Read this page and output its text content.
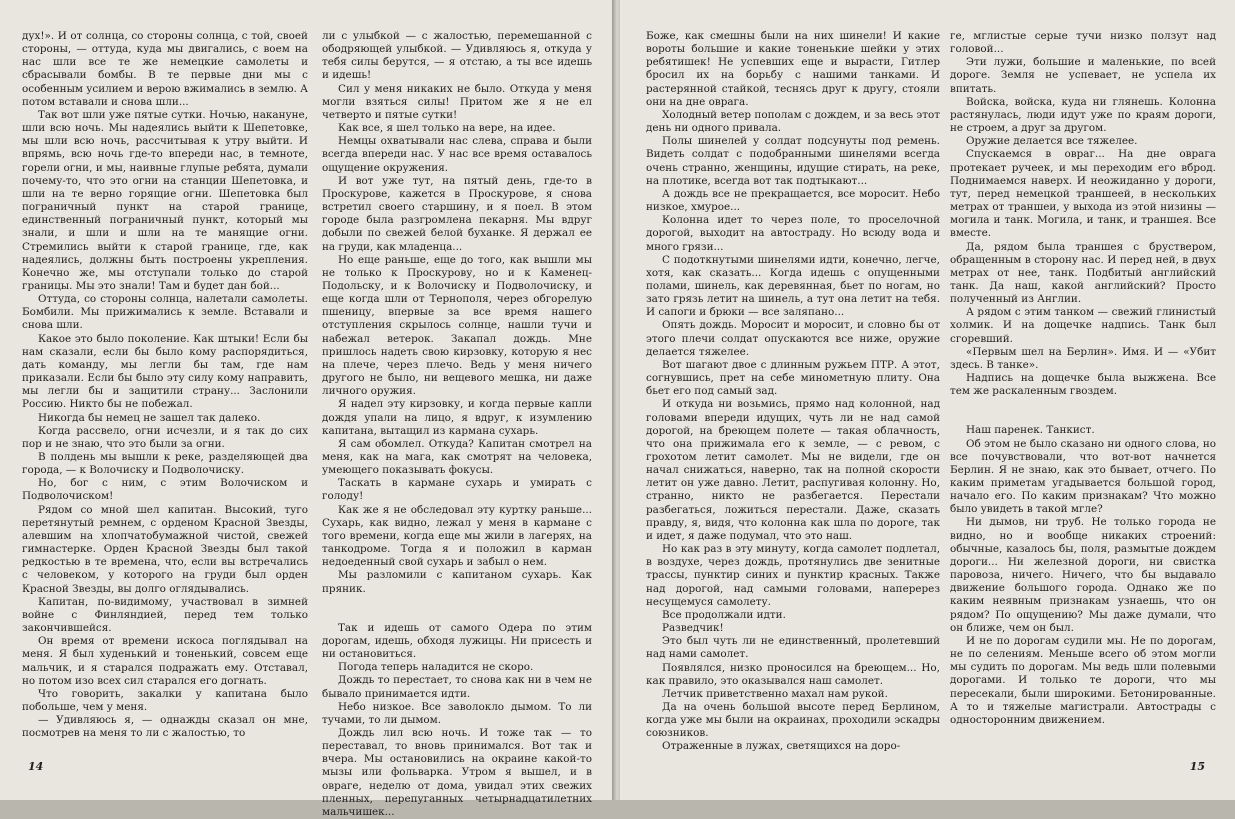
дух!». И от солнца, со стороны солнца, с той, своей стороны, — оттуда, куда мы двигались, с воем на нас шли все те же немецкие самолеты и сбрасывали бомбы. В те первые дни мы с особенным усилием и верою вжимались в землю. А потом вставали и снова шли...

Так вот шли уже пятые сутки. Ночью, накануне, шли всю ночь. Мы надеялись выйти к Шепетовке, мы шли всю ночь, рассчитывая к утру выйти. И впрямь, всю ночь где-то впереди нас, в темноте, горели огни, и мы, наивные глупые ребята, думали почему-то, что это огни на станции Шепетовка, и шли на те верно горящие огни. Шепетовка был пограничный пункт на старой границе, единственный пограничный пункт, который мы знали, и шли и шли на те манящие огни. Стремились выйти к старой границе, где, как надеялись, должны быть построены укрепления. Конечно же, мы отступали только до старой границы. Мы это знали! Там и будет дан бой...

Оттуда, со стороны солнца, налетали самолеты. Бомбили. Мы прижимались к земле. Вставали и снова шли.

Какое это было поколение. Как штыки! Если бы нам сказали, если бы было кому распорядиться, дать команду, мы легли бы там, где нам приказали. Если бы было эту силу кому направить, мы легли бы и защитили страну... Заслонили Россию. Никто бы не побежал.

Никогда бы немец не зашел так далеко.

Когда рассвело, огни исчезли, и я так до сих пор и не знаю, что это были за огни.

В полдень мы вышли к реке, разделяющей два города, — к Волочиску и Подволочиску.

Но, бог с ним, с этим Волочиском и Подволочиском!

Рядом со мной шел капитан. Высокий, туго перетянутый ремнем, с орденом Красной Звезды, алевшим на хлопчатобумажной чистой, свежей гимнастерке. Орден Красной Звезды был такой редкостью в те времена, что, если вы встречались с человеком, у которого на груди был орден Красной Звезды, вы долго оглядывались.

Капитан, по-видимому, участвовал в зимней войне с Финляндией, перед тем только закончившейся.

Он время от времени искоса поглядывал на меня. Я был худенький и тоненький, совсем еще мальчик, и я старался подражать ему. Отставал, но потом изо всех сил старался его догнать.

Что говорить, закалки у капитана было побольше, чем у меня.

— Удивляюсь я, — однажды сказал он мне, посмотрев на меня то ли с жалостью, то

ли с улыбкой — с жалостью, перемешанной с ободряющей улыбкой. — Удивляюсь я, откуда у тебя силы берутся, — я отстаю, а ты все идешь и идешь!

Сил у меня никаких не было. Откуда у меня могли взяться силы! Притом же я не ел четверто и пятые сутки!

Как все, я шел только на вере, на идее.

Немцы охватывали нас слева, справа и были всегда впереди нас. У нас все время оставалось ощущение окружения.

И вот уже тут, на пятый день, где-то в Проскурове, кажется в Проскурове, я снова встретил своего старшину, и я поел. В этом городе была разгромлена пекарня. Мы вдруг добыли по свежей белой буханке. Я держал ее на груди, как младенца...

Но еще раньше, еще до того, как вышли мы не только к Проскурову, но и к Каменец-Подольску, и к Волочиску и Подволочиску, и еще когда шли от Тернополя, через обгорелую пшеницу, впервые за все время нашего отступления скрылось солнце, нашли тучи и набежал ветерок. Закапал дождь. Мне пришлось надеть свою кирзовку, которую я нес на плече, через плечо. Ведь у меня ничего другого не было, ни вещевого мешка, ни даже личного оружия.

Я надел эту кирзовку, и когда первые капли дождя упали на лицо, я вдруг, к изумлению капитана, вытащил из кармана сухарь.

Я сам обомлел. Откуда? Капитан смотрел на меня, как на мага, как смотрят на человека, умеющего показывать фокусы.

Таскать в кармане сухарь и умирать с голоду!

Как же я не обследовал эту куртку раньше... Сухарь, как видно, лежал у меня в кармане с того времени, когда еще мы жили в лагерях, на танкодроме. Тогда я и положил в карман недоеденный свой сухарь и забыл о нем.

Мы разломили с капитаном сухарь. Как пряник.

Так и идешь от самого Одера по этим дорогам, идешь, обходя лужицы. Ни присесть и ни остановиться.

Погода теперь наладится не скоро.

Дождь то перестает, то снова как ни в чем не бывало принимается идти.

Небо низкое. Все заволокло дымом. То ли тучами, то ли дымом.

Дождь лил всю ночь. И тоже так — то переставал, то вновь принимался. Вот так и вчера. Мы остановились на окраине какой-то мызы или фольварка. Утром я вышел, и в овраге, неделю от дома, увидал этих свежих пленных, перепуганных четырнадцатилетних мальчишек...

14

Боже, как смешны были на них шинели! И какие вороты большие и какие тоненькие шейки у этих ребятишек! Не успевших еще и вырасти, Гитлер бросил их на борьбу с нашими танками. И растерянной стайкой, теснясь друг к другу, стояли они на дне оврага.

Холодный ветер пополам с дождем, и за весь этот день ни одного привала.

Полы шинелей у солдат подсунуты под ремень. Видеть солдат с подобранными шинелями всегда очень странно, женщины, идущие стирать, на реке, на плотике, всегда вот так подтыкают...

А дождь все не прекращается, все моросит. Небо низкое, хмурое...

Колонна идет то через поле, то проселочной дорогой, выходит на автостраду. Но всюду вода и много грязи...

С подоткнутыми шинелями идти, конечно, легче, хотя, как сказать... Когда идешь с опущенными полами, шинель, как деревянная, бьет по ногам, но зато грязь летит на шинель, а тут она летит на тебя. И сапоги и брюки — все заляпано...

Опять дождь. Моросит и моросит, и словно бы от этого плечи солдат опускаются все ниже, оружие делается тяжелее.

Вот шагают двое с длинным ружьем ПТР. А этот, согнувшись, прет на себе минометную плиту. Она бьет его под самый зад.

И откуда ни возьмись, прямо над колонной, над головами впереди идущих, чуть ли не над самой дорогой, на бреющем полете — такая облачность, что она прижимала его к земле, — с ревом, с грохотом летит самолет. Мы не видели, где он начал снижаться, наверно, так на полной скорости летит он уже давно. Летит, распугивая колонну. Но, странно, никто не разбегается. Перестали разбегаться, ложиться перестали. Даже, сказать правду, я, видя, что колонна как шла по дороге, так и идет, я даже подумал, что это наш.

Но как раз в эту минуту, когда самолет подлетал, в воздухе, через дождь, протянулись две зенитные трассы, пунктир синих и пунктир красных. Также над дорогой, над самыми головами, наперерез несущемуся самолету.

Все продолжали идти.

Разведчик!

Это был чуть ли не единственный, пролетевший над нами самолет.

Появлялся, низко проносился на бреющем... Но, как правило, это оказывался наш самолет.

Летчик приветственно махал нам рукой.

Да на очень большой высоте перед Берлином, когда уже мы были на окраинах, проходили эскадры союзников.

Отраженные в лужах, светящихся на доро-

ге, мглистые серые тучи низко ползут над головой...

Эти лужи, большие и маленькие, по всей дороге. Земля не успевает, не успела их впитать.

Войска, войска, куда ни глянешь. Колонна растянулась, люди идут уже по краям дороги, не строем, а друг за другом.

Оружие делается все тяжелее.

Спускаемся в овраг... На дне оврага протекает ручеек, и мы переходим его вброд. Поднимаемся наверх. И неожиданно у дороги, тут, перед немецкой траншеей, в нескольких метрах от траншеи, у выхода из этой низины — могила и танк. Могила, и танк, и траншея. Все вместе.

Да, рядом была траншея с бруствером, обращенным в сторону нас. И перед ней, в двух метрах от нее, танк. Подбитый английский танк. Да наш, какой английский? Просто полученный из Англии.

А рядом с этим танком — свежий глинистый холмик. И на дощечке надпись. Танк был сгоревший.

«Первым шел на Берлин». Имя. И — «Убит здесь. В танке».

Надпись на дощечке была выжжена. Все тем же раскаленным гвоздем.

Наш паренек. Танкист.

Об этом не было сказано ни одного слова, но все почувствовали, что вот-вот начнется Берлин. Я не знаю, как это бывает, отчего. По каким приметам угадывается большой город, начало его. По каким признакам? Что можно было увидеть в такой мгле?

Ни дымов, ни труб. Не только города не видно, но и вообще никаких строений: обычные, казалось бы, поля, размытые дождем дороги... Ни железной дороги, ни свистка паровоза, ничего. Ничего, что бы выдавало движение большого города. Однако же по каким неявным признакам узнаешь, что он рядом? По ощущению? Мы даже думали, что он ближе, чем он был.

И не по дорогам судили мы. Не по дорогам, не по селениям. Меньше всего об этом могли мы судить по дорогам. Мы ведь шли полевыми дорогами. И только те дороги, что мы пересекали, были широкими. Бетонированные. А то и тяжелые магистрали. Автострады с односторонним движением.

15
